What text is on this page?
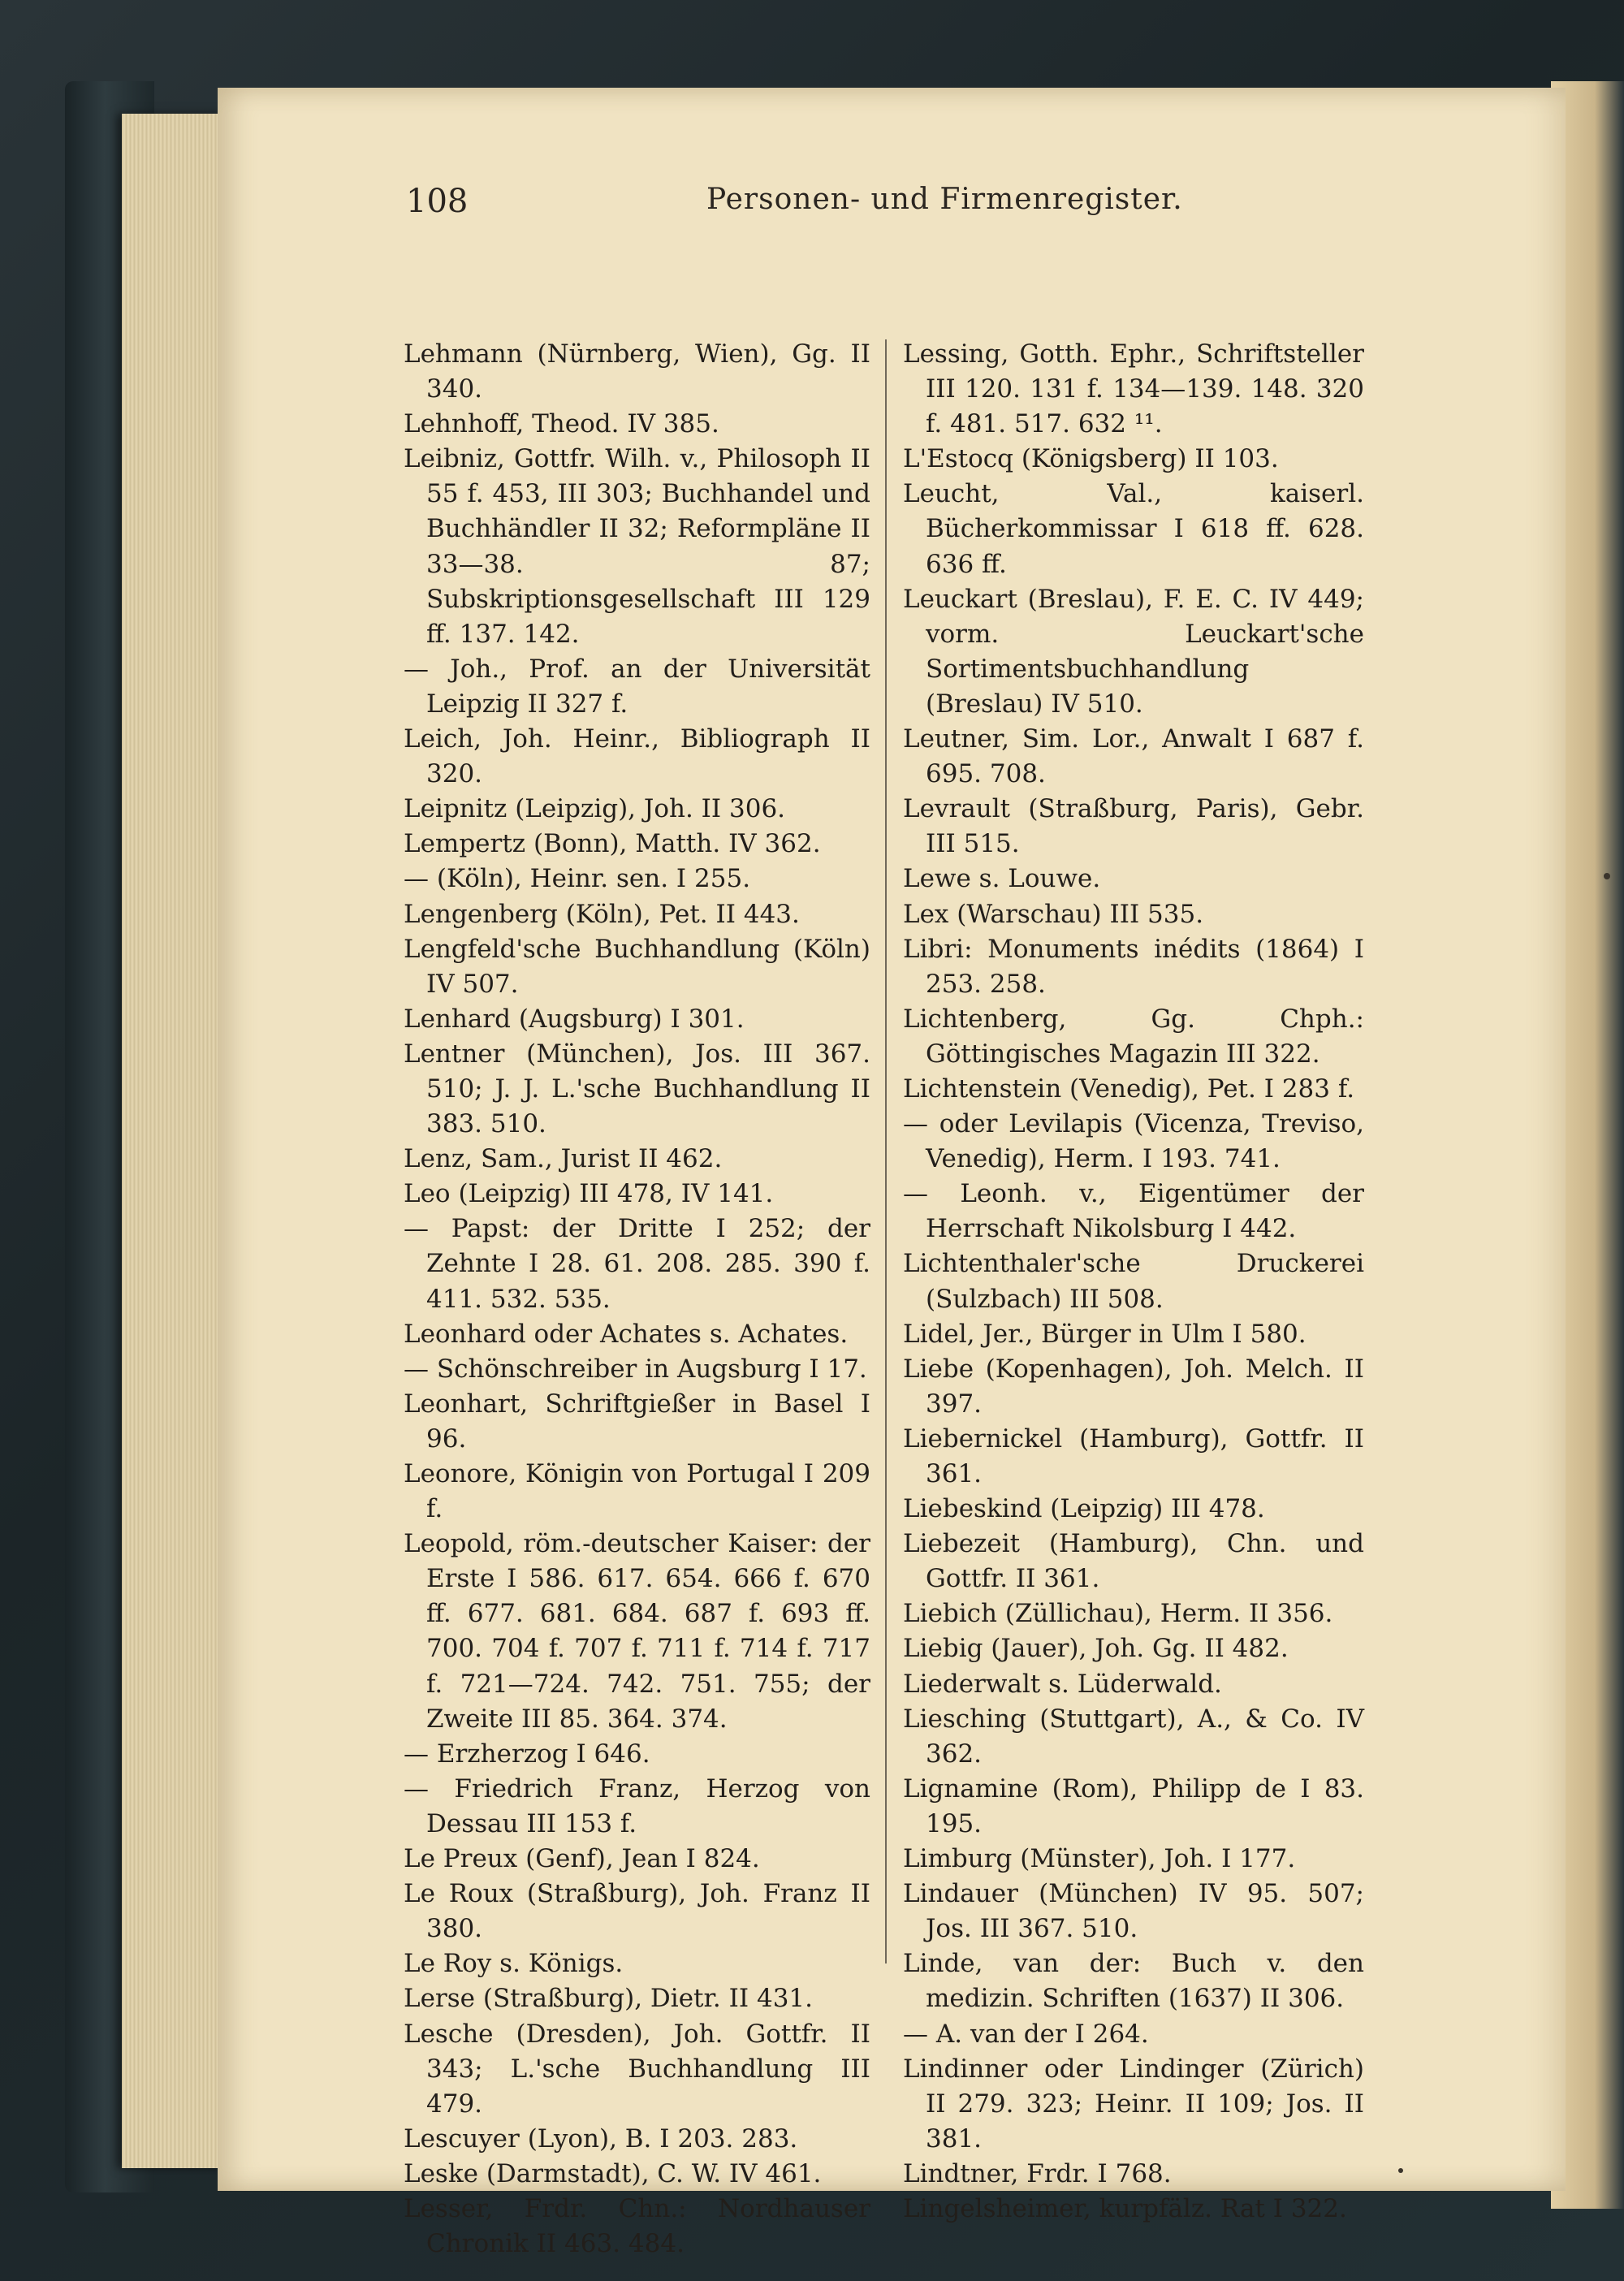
108	Personen- und Firmenregister.
Lehmann (Nürnberg, Wien), Gg. II 340.
Lehnhoff, Theod. IV 385.
Leibniz, Gottfr. Wilh. v., Philosoph II 55 f. 453, III 303; Buchhandel und Buchhändler II 32; Reformpläne II 33—38. 87; Subskriptionsgesellschaft III 129 ff. 137. 142.
— Joh., Prof. an der Universität Leipzig II 327 f.
Leich, Joh. Heinr., Bibliograph II 320.
Leipnitz (Leipzig), Joh. II 306.
Lempertz (Bonn), Matth. IV 362.
— (Köln), Heinr. sen. I 255.
Lengenberg (Köln), Pet. II 443.
Lengfeld'sche Buchhandlung (Köln) IV 507.
Lenhard (Augsburg) I 301.
Lentner (München), Jos. III 367. 510; J. J. L.'sche Buchhandlung II 383. 510.
Lenz, Sam., Jurist II 462.
Leo (Leipzig) III 478, IV 141.
— Papst: der Dritte I 252; der Zehnte I 28. 61. 208. 285. 390 f. 411. 532. 535.
Leonhard oder Achates s. Achates.
— Schönschreiber in Augsburg I 17.
Leonhart, Schriftgießer in Basel I 96.
Leonore, Königin von Portugal I 209 f.
Leopold, röm.-deutscher Kaiser: der Erste I 586. 617. 654. 666 f. 670 ff. 677. 681. 684. 687 f. 693 ff. 700. 704 f. 707 f. 711 f. 714 f. 717 f. 721—724. 742. 751. 755; der Zweite III 85. 364. 374.
— Erzherzog I 646.
— Friedrich Franz, Herzog von Dessau III 153 f.
Le Preux (Genf), Jean I 824.
Le Roux (Straßburg), Joh. Franz II 380.
Le Roy s. Königs.
Lerse (Straßburg), Dietr. II 431.
Lesche (Dresden), Joh. Gottfr. II 343; L.'sche Buchhandlung III 479.
Lescuyer (Lyon), B. I 203. 283.
Leske (Darmstadt), C. W. IV 461.
Lesser, Frdr. Chn.: Nordhauser Chronik II 463. 484.
Lessing, Gotth. Ephr., Schriftsteller III 120. 131 f. 134—139. 148. 320 f. 481. 517. 632 ¹¹.
L'Estocq (Königsberg) II 103.
Leucht, Val., kaiserl. Bücherkommissar I 618 ff. 628. 636 ff.
Leuckart (Breslau), F. E. C. IV 449; vorm. Leuckart'sche Sortimentsbuchhandlung (Breslau) IV 510.
Leutner, Sim. Lor., Anwalt I 687 f. 695. 708.
Levrault (Straßburg, Paris), Gebr. III 515.
Lewe s. Louwe.
Lex (Warschau) III 535.
Libri: Monuments inédits (1864) I 253. 258.
Lichtenberg, Gg. Chph.: Göttingisches Magazin III 322.
Lichtenstein (Venedig), Pet. I 283 f.
— oder Levilapis (Vicenza, Treviso, Venedig), Herm. I 193. 741.
— Leonh. v., Eigentümer der Herrschaft Nikolsburg I 442.
Lichtenthaler'sche Druckerei (Sulzbach) III 508.
Lidel, Jer., Bürger in Ulm I 580.
Liebe (Kopenhagen), Joh. Melch. II 397.
Liebernickel (Hamburg), Gottfr. II 361.
Liebeskind (Leipzig) III 478.
Liebezeit (Hamburg), Chn. und Gottfr. II 361.
Liebich (Züllichau), Herm. II 356.
Liebig (Jauer), Joh. Gg. II 482.
Liederwalt s. Lüderwald.
Liesching (Stuttgart), A., & Co. IV 362.
Lignamine (Rom), Philipp de I 83. 195.
Limburg (Münster), Joh. I 177.
Lindauer (München) IV 95. 507; Jos. III 367. 510.
Linde, van der: Buch v. den medizin. Schriften (1637) II 306.
— A. van der I 264.
Lindinner oder Lindinger (Zürich) II 279. 323; Heinr. II 109; Jos. II 381.
Lindtner, Frdr. I 768.
Lingelsheimer, kurpfälz. Rat I 322.
